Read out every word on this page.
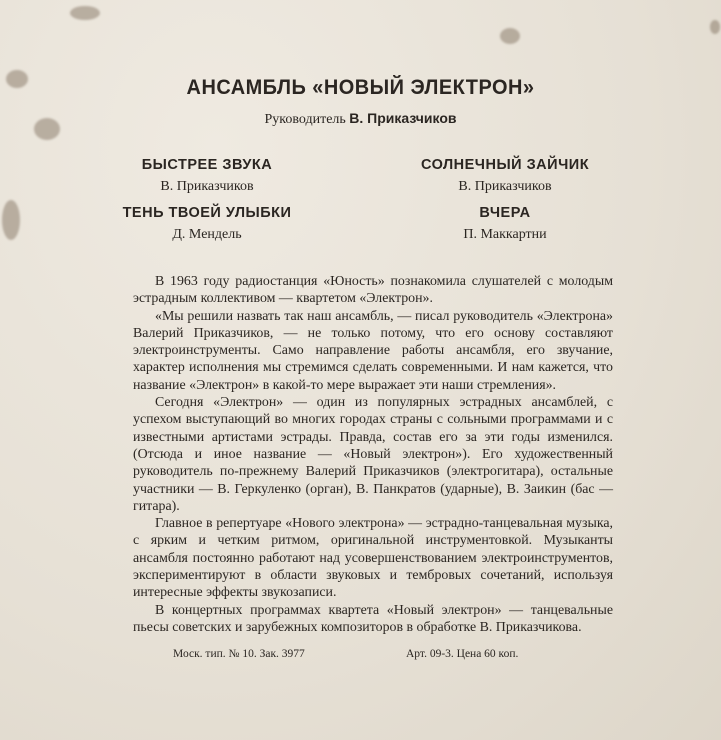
АНСАМБЛЬ «НОВЫЙ ЭЛЕКТРОН»
Руководитель В. Приказчиков
БЫСТРЕЕ ЗВУКА
В. Приказчиков
СОЛНЕЧНЫЙ ЗАЙЧИК
В. Приказчиков
ТЕНЬ ТВОЕЙ УЛЫБКИ
Д. Мендель
ВЧЕРА
П. Маккартни

В 1963 году радиостанция «Юность» познакомила слушателей с молодым эстрадным коллективом — квартетом «Электрон».

«Мы решили назвать так наш ансамбль, — писал руководитель «Электрона» Валерий Приказчиков, — не только потому, что его основу составляют электроинструменты. Само направление работы ансамбля, его звучание, характер исполнения мы стремимся сделать современными. И нам кажется, что название «Электрон» в какой-то мере выражает эти наши стремления».

Сегодня «Электрон» — один из популярных эстрадных ансамблей, с успехом выступающий во многих городах страны с сольными программами и с известными артистами эстрады. Правда, состав его за эти годы изменился. (Отсюда и иное название — «Новый электрон»). Его художественный руководитель по-прежнему Валерий Приказчиков (электрогитара), остальные участники — В. Геркуленко (орган), В. Панкратов (ударные), В. Заикин (бас — гитара).

Главное в репертуаре «Нового электрона» — эстрадно-танцевальная музыка, с ярким и четким ритмом, оригинальной инструментовкой. Музыканты ансамбля постоянно работают над усовершенствованием электроинструментов, экспериментируют в области звуковых и тембровых сочетаний, используя интересные эффекты звукозаписи.

В концертных программах квартета «Новый электрон» — танцевальные пьесы советских и зарубежных композиторов в обработке В. Приказчикова.

Моск. тип. № 10. Зак. 3977	Арт. 09-3. Цена 60 коп.
